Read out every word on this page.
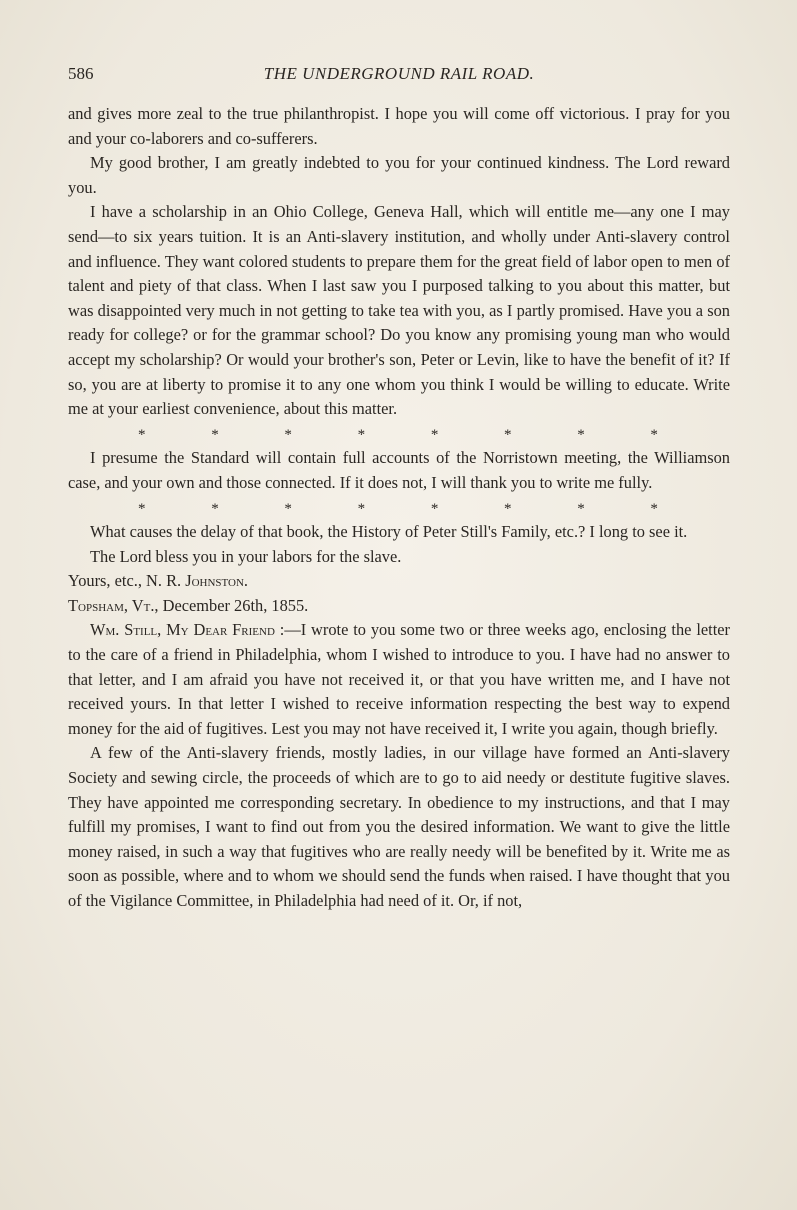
586	THE UNDERGROUND RAIL ROAD.

and gives more zeal to the true philanthropist. I hope you will come off victorious. I pray for you and your co-laborers and co-sufferers.

My good brother, I am greatly indebted to you for your continued kindness. The Lord reward you.

I have a scholarship in an Ohio College, Geneva Hall, which will entitle me—any one I may send—to six years tuition. It is an Anti-slavery institution, and wholly under Anti-slavery control and influence. They want colored students to prepare them for the great field of labor open to men of talent and piety of that class. When I last saw you I purposed talking to you about this matter, but was disappointed very much in not getting to take tea with you, as I partly promised. Have you a son ready for college? or for the grammar school? Do you know any promising young man who would accept my scholarship? Or would your brother's son, Peter or Levin, like to have the benefit of it? If so, you are at liberty to promise it to any one whom you think I would be willing to educate. Write me at your earliest convenience, about this matter.

*	*	*	*	*	*	*	*

I presume the Standard will contain full accounts of the Norristown meeting, the Williamson case, and your own and those connected. If it does not, I will thank you to write me fully.

*	*	*	*	*	*	*	*

What causes the delay of that book, the History of Peter Still's Family, etc.? I long to see it.

The Lord bless you in your labors for the slave.

Yours, etc., N. R. Johnston.

Topsham, Vt., December 26th, 1855.

Wm. Still, My Dear Friend :—I wrote to you some two or three weeks ago, enclosing the letter to the care of a friend in Philadelphia, whom I wished to introduce to you. I have had no answer to that letter, and I am afraid you have not received it, or that you have written me, and I have not received yours. In that letter I wished to receive information respecting the best way to expend money for the aid of fugitives. Lest you may not have received it, I write you again, though briefly.

A few of the Anti-slavery friends, mostly ladies, in our village have formed an Anti-slavery Society and sewing circle, the proceeds of which are to go to aid needy or destitute fugitive slaves. They have appointed me corresponding secretary. In obedience to my instructions, and that I may fulfill my promises, I want to find out from you the desired information. We want to give the little money raised, in such a way that fugitives who are really needy will be benefited by it. Write me as soon as possible, where and to whom we should send the funds when raised. I have thought that you of the Vigilance Committee, in Philadelphia had need of it. Or, if not,
